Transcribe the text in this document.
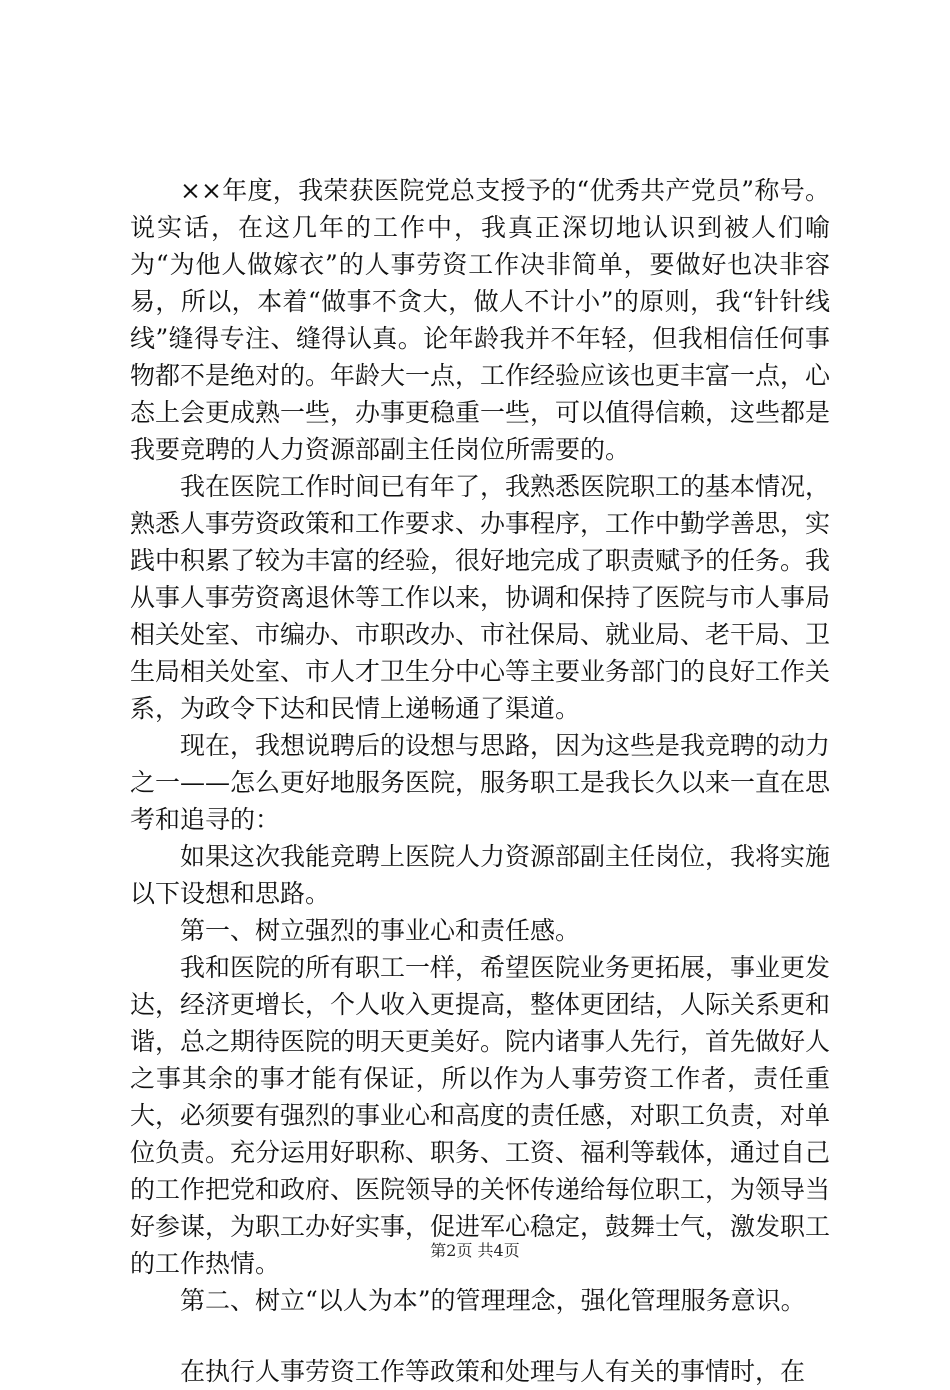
××年度，我荣获医院党总支授予的“优秀共产党员”称号。说实话，在这几年的工作中，我真正深切地认识到被人们喻为“为他人做嫁衣”的人事劳资工作决非简单，要做好也决非容易，所以，本着“做事不贪大，做人不计小”的原则，我“针针线线”缝得专注、缝得认真。论年龄我并不年轻，但我相信任何事物都不是绝对的。年龄大一点，工作经验应该也更丰富一点，心态上会更成熟一些，办事更稳重一些，可以值得信赖，这些都是我要竞聘的人力资源部副主任岗位所需要的。

我在医院工作时间已有年了，我熟悉医院职工的基本情况，熟悉人事劳资政策和工作要求、办事程序，工作中勤学善思，实践中积累了较为丰富的经验，很好地完成了职责赋予的任务。我从事人事劳资离退休等工作以来，协调和保持了医院与市人事局相关处室、市编办、市职改办、市社保局、就业局、老干局、卫生局相关处室、市人才卫生分中心等主要业务部门的良好工作关系，为政令下达和民情上递畅通了渠道。

现在，我想说聘后的设想与思路，因为这些是我竞聘的动力之一——怎么更好地服务医院，服务职工是我长久以来一直在思考和追寻的：

如果这次我能竞聘上医院人力资源部副主任岗位，我将实施以下设想和思路。

第一、树立强烈的事业心和责任感。

我和医院的所有职工一样，希望医院业务更拓展，事业更发达，经济更增长，个人收入更提高，整体更团结，人际关系更和谐，总之期待医院的明天更美好。院内诸事人先行，首先做好人之事其余的事才能有保证，所以作为人事劳资工作者，责任重大，必须要有强烈的事业心和高度的责任感，对职工负责，对单位负责。充分运用好职称、职务、工资、福利等载体，通过自己的工作把党和政府、医院领导的关怀传递给每位职工，为领导当好参谋，为职工办好实事，促进军心稳定，鼓舞士气，激发职工的工作热情。

第二、树立“以人为本”的管理理念，强化管理服务意识。

在执行人事劳资工作等政策和处理与人有关的事情时，在

第2页 共4页
